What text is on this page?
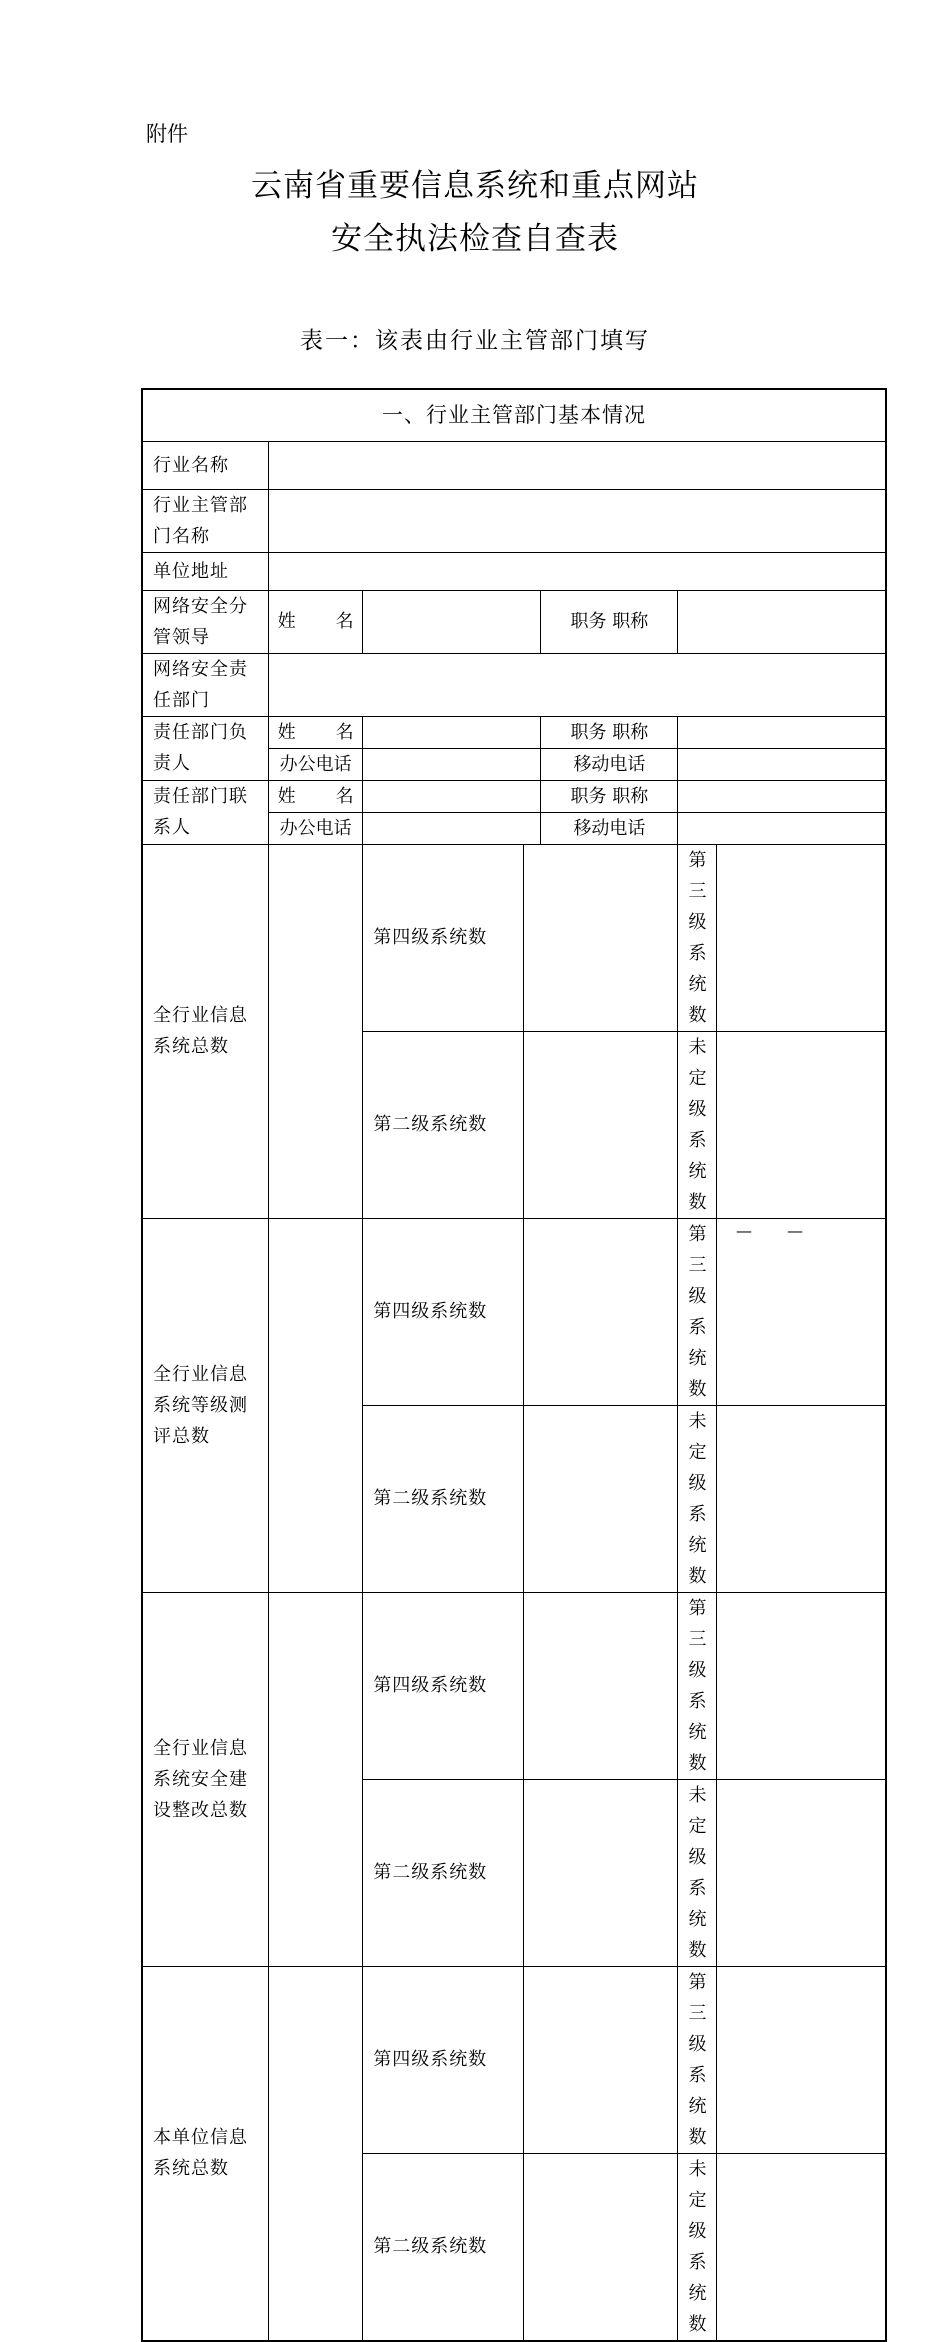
附件
云南省重要信息系统和重点网站
安全执法检查自查表
表一：该表由行业主管部门填写
一、行业主管部门基本情况						
行业名称						

行业主管部
门名称						

单位地址						

网络安全分
管领导	姓 名			职务 职称		

网络安全责
任部门						

责任部门负
责人	姓 名			职务 职称		
	办公电话			移动电话		

责任部门联
系人	姓 名			职务 职称		
	办公电话			移动电话		

全行业信息
系统总数		第四级系统数			第三级系统数	
		第二级系统数			未定级系统数	

全行业信息
系统等级测
评总数		第四级系统数			第三级系统数	
		第二级系统数			未定级系统数	

全行业信息
系统安全建
设整改总数		第四级系统数			第三级系统数	
		第二级系统数			未定级系统数	

本单位信息
系统总数		第四级系统数			第三级系统数	
		第二级系统数			未定级系统数	
— —
